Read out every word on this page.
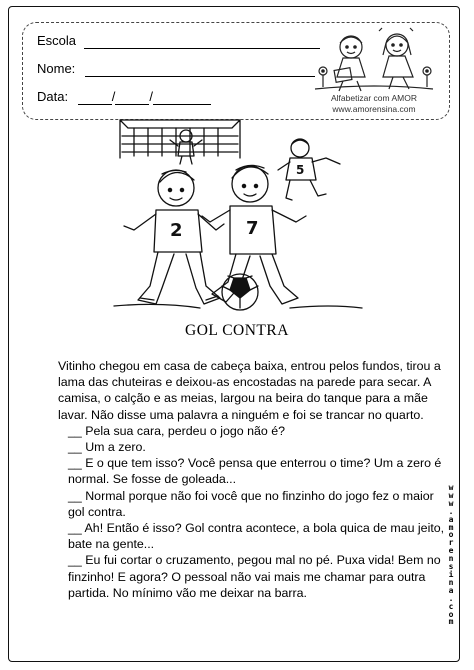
Escola
Nome:
Data:	/	/	Alfabetizar com AMOR
www.amorensina.com
2	7
5
GOL CONTRA

Vitinho chegou em casa de cabeça baixa, entrou pelos fundos, tirou a lama das chuteiras e deixou-as encostadas na parede para secar. A camisa, o calção e as meias, largou na beira do tanque para a mãe lavar. Não disse uma palavra a ninguém e foi se trancar no quarto.

__ Pela sua cara, perdeu o jogo não é?

__ Um a zero.

__ E o que tem isso? Você pensa que enterrou o time? Um a zero é normal. Se fosse de goleada...

__ Normal porque não foi você que no finzinho do jogo fez o maior gol contra.

__ Ah! Então é isso? Gol contra acontece, a bola quica de mau jeito, bate na gente...

__ Eu fui cortar o cruzamento, pegou mal no pé. Puxa vida! Bem no finzinho! E agora? O pessoal não vai mais me chamar para outra partida. No mínimo vão me deixar na barra.

w
w
w
.
a
m
o
r
e
n
s
i
n
a
.
c
o
m
